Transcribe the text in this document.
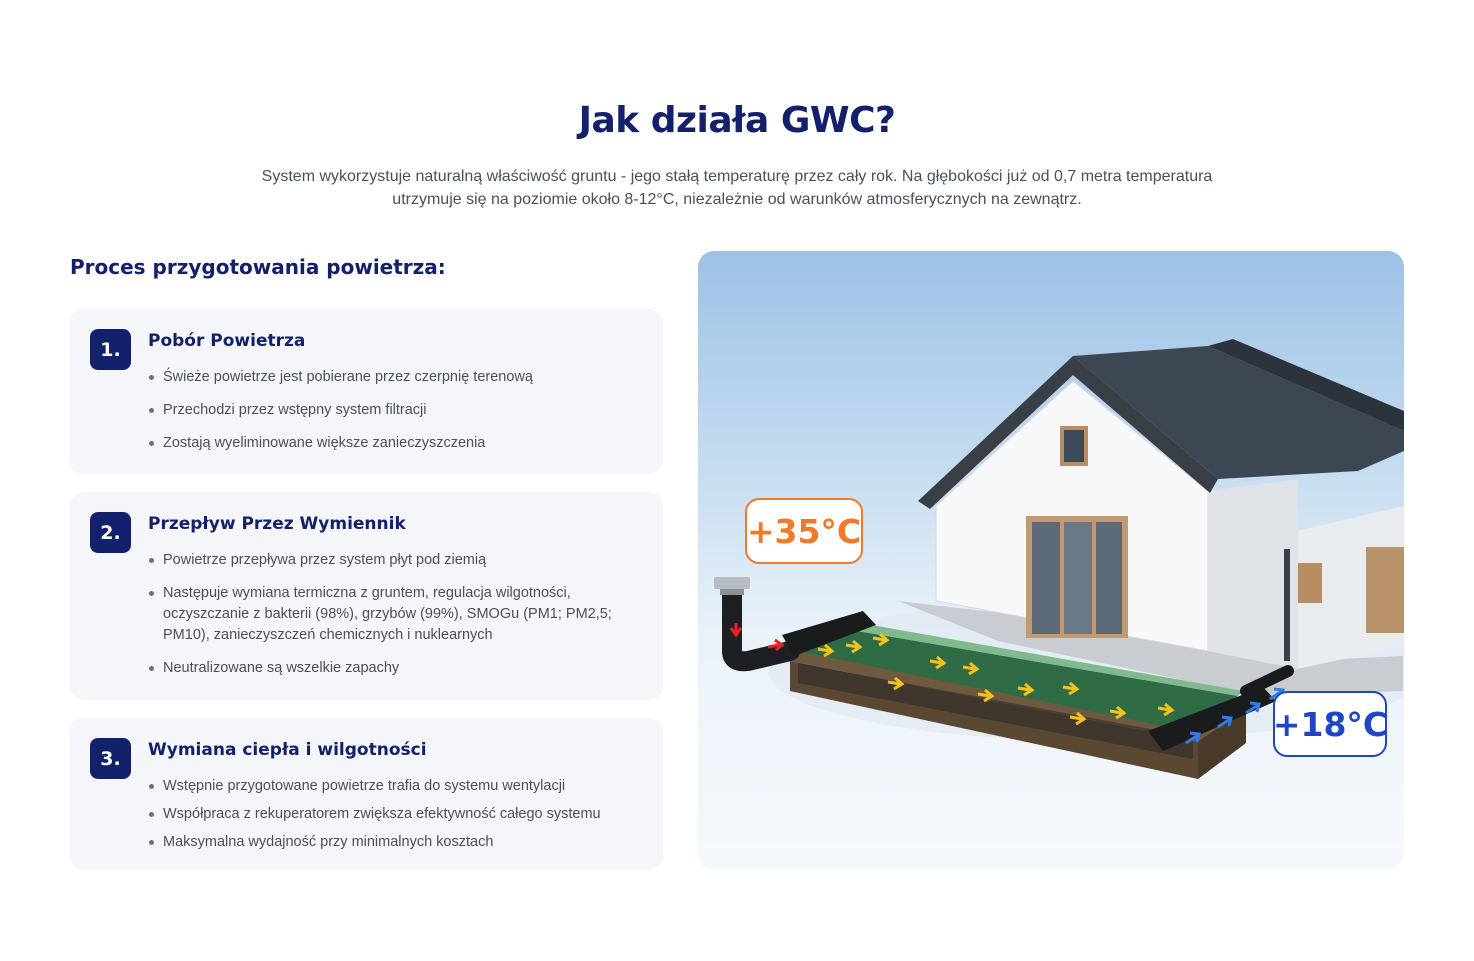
Jak działa GWC?

System wykorzystuje naturalną właściwość gruntu - jego stałą temperaturę przez cały rok. Na głębokości już od 0,7 metra temperatura utrzymuje się na poziomie około 8-12°C, niezależnie od warunków atmosferycznych na zewnątrz.

Proces przygotowania powietrza:
1.	Pobór Powietrza
Świeże powietrze jest pobierane przez czerpnię terenową
Przechodzi przez wstępny system filtracji
Zostają wyeliminowane większe zanieczyszczenia
2.	Przepływ Przez Wymiennik
Powietrze przepływa przez system płyt pod ziemią
Następuje wymiana termiczna z gruntem, regulacja wilgotności, oczyszczanie z bakterii (98%), grzybów (99%), SMOGu (PM1; PM2,5; PM10), zanieczyszczeń chemicznych i nuklearnych
Neutralizowane są wszelkie zapachy
3.	Wymiana ciepła i wilgotności
Wstępnie przygotowane powietrze trafia do systemu wentylacji
Współpraca z rekuperatorem zwiększa efektywność całego systemu
Maksymalna wydajność przy minimalnych kosztach
+35°C
+18°C
